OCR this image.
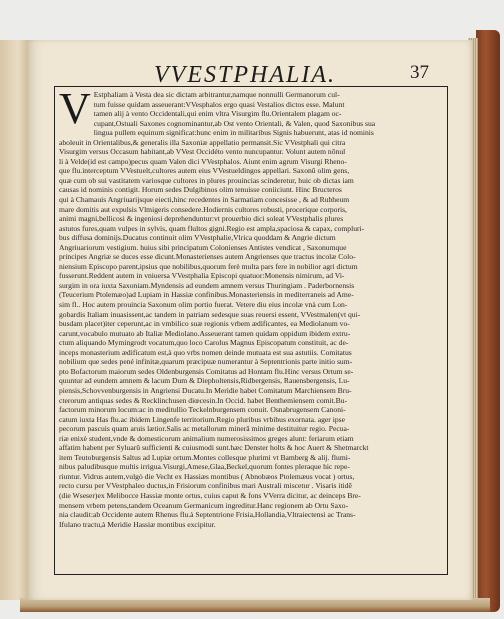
VVESTPHALIA.	37
V Estphaliam à Vesta dea sic dictam arbitrantur,namque nonnulli Germanorum cul-
tum fuisse quidam asseuerant:VVesphalos ergo quasi Vestalios dictos esse. Malunt
tamen alij à vento Occidentali,qui enim vltra Visurgim flu.Orientalem plagam oc-
cupant,Ostuali Saxones cognominantur,ab Ost vento Orientali, & Valen, quod Saxonibus sua
lingua pullem equinum significat:hunc enim in militaribus Signis habuerunt, atas id nominis
aboleuit in Orientalibus,& generalis illa Saxoniæ appellatio permansit.Sic VVestphali qui citra
Visurgim versus Occasum habitant,ab VVest Occidéto vento nuncupantur. Volunt autem nõnul
li à Velde(id est campo)pecus quam Valen dici VVestphalos. Aiunt enim agrum Visurgi Rheno-
que flu.interceptum VVestuelt,cultores autem eius VVestueldingos appellari. Saxonû olim gens,
quæ cum ob sui vastitatem variosque cultores in plures prouincias scinderetur, huic ob dictas iam
causas id nominis contigit. Horum sedes Dulgibinos olim tenuisse coniiciunt. Hinc Bructeros
qui à Chamauis Angriuarijsque eiecti,hinc recedentes in Sarmatiam concesisse , & ad Rubheum
mare domitis aut expulsis Vlmigeris consedere.Hodiernis cultores robusti, procerique corporis,
animi magni,bellicosi & ingeniosi deprehenduntur:vt prouerbio dici soleat VVestphalis plures
astutos fures,quam vulpes in sylvis, quam flultos gigni.Regio est ampla,spaciosa & capax, compluri-
bus diffusa dominijs.Ducatus continuit olim VVestphalie,Vlrica quoddam & Angrie dictum
Angriuariorum vestigium. huius sibi principatum Colonienses Antistes vendicat , Saxonumque
principes Angriæ se duces esse dicunt.Monasterienses autem Angrienses que tractus incolæ Colo-
niensium Episcopo parent,ipsius que nobilibus,quorum ferè multa pars fere in nobilior agri dictum
fusserunt.Reddent autem in vniuersa VVestphalia Episcopi quatuor:Monensis nimirum, ad Vi-
surgim in ora iuxta Saxoniam.Myndensis ad eundem amnem versus Thuringiam . Paderbornensis
(Teucerium Ptolemæo)ad Lupiam in Hassiæ confinibus.Monasteriensis in mediterraneis ad Ame-
sim fl.. Hoc autem prouincia Saxonum olim portio fuerat. Vetere diu eius incolæ vnà cum Lon-
gobardis Italiam inuasissent,ac tandem in patriam sedesque suas reuersi essent, VVestmalen(vt qui-
busdam placet)iter ceperunt,ac in vmbilico suæ regionis vrbem ædificantes, ea Mediolanum vo-
carunt,vocabulo mutuato ab Italiæ Mediolano.Asseuerant tamen quidam oppidum ibidem extru-
ctum aliquando Mymingrodt vocatum,quo loco Carolus Magnus Episcopatum constituit, ac de-
inceps monasterium ædificatum est,à quo vrbs nomen deinde mutuata est sua astutiis. Comitatus
nobilium que sedes pené infinitæ,quarum præcipuæ numerantur à Septentrionis parte initio sum-
pto Bofactorum maiorum sedes Oldenburgensis Comitatus ad Hontam flu.Hinc versus Ortum se-
quuntur ad eundem amnem & lacum Dum & Diepholtensis,Ridbergensis, Rauensbergensis, Lu-
piensis,Schovvenburgensis in Angriensi Ducatu.In Meridie habet Comitatum Marchiensem Bru-
cterorum antiquas sedes & Recklinchusen diœcesin.In Occid. habet Benthemiensem comit.Bu-
factorum minorum locum:ac in meditullio Teckelnburgensem conuit. Osnabrugensem Canoni-
catum iuxta Has flu.ac ibidem Lingenfe territorium.Regio pluribus vrbibus exornata. ager ipse
pecorum pascuis quam aruis lætior.Salis ac metallorum minerâ minime destituitur regio. Pecua-
riæ enixè student,vnde & domesticorum animalium numerosissimos greges alunt: feriarum etiam
affatim habent per Syluarû sufficienti & cuiusmodi sunt.hæc Denster holts & hoc Auert & Shetmarckt
item Teutoburgensis Saltus ad Lupiæ ortum.Montes collesque plurimi vt Bamberg & alij. flumi-
nibus paludibusque multis irrigua.Visurgi,Amese,Glaa,Beckel,quorum fontes pleraque hic repe-
riuntur. Vidrus autem,vulgò die Vecht ex Hassiæs montibus ( Abnobæos Ptolemæus vocat ) ortus,
recto cursu per VVestphaleo ductus,in Frisiorum confinibus mari Australi miscetur . Visaris itidē
(die Wseser)ex Melibocce Hassiæ monte ortus, cuius caput & fons VVerra dicitur, ac deinceps Bre-
mensem vrbem petens,tandem Oceanum Germanicum ingreditur.Hanc regionem ab Ortu Saxo-
nia claudit:ab Occidente autem Rhenus flu.à Septentrione Frisia,Hollandia,Vltraiectensi ac Trans-
Ifulano tractu,à Meridie Hassiæ montibus excipitur.
